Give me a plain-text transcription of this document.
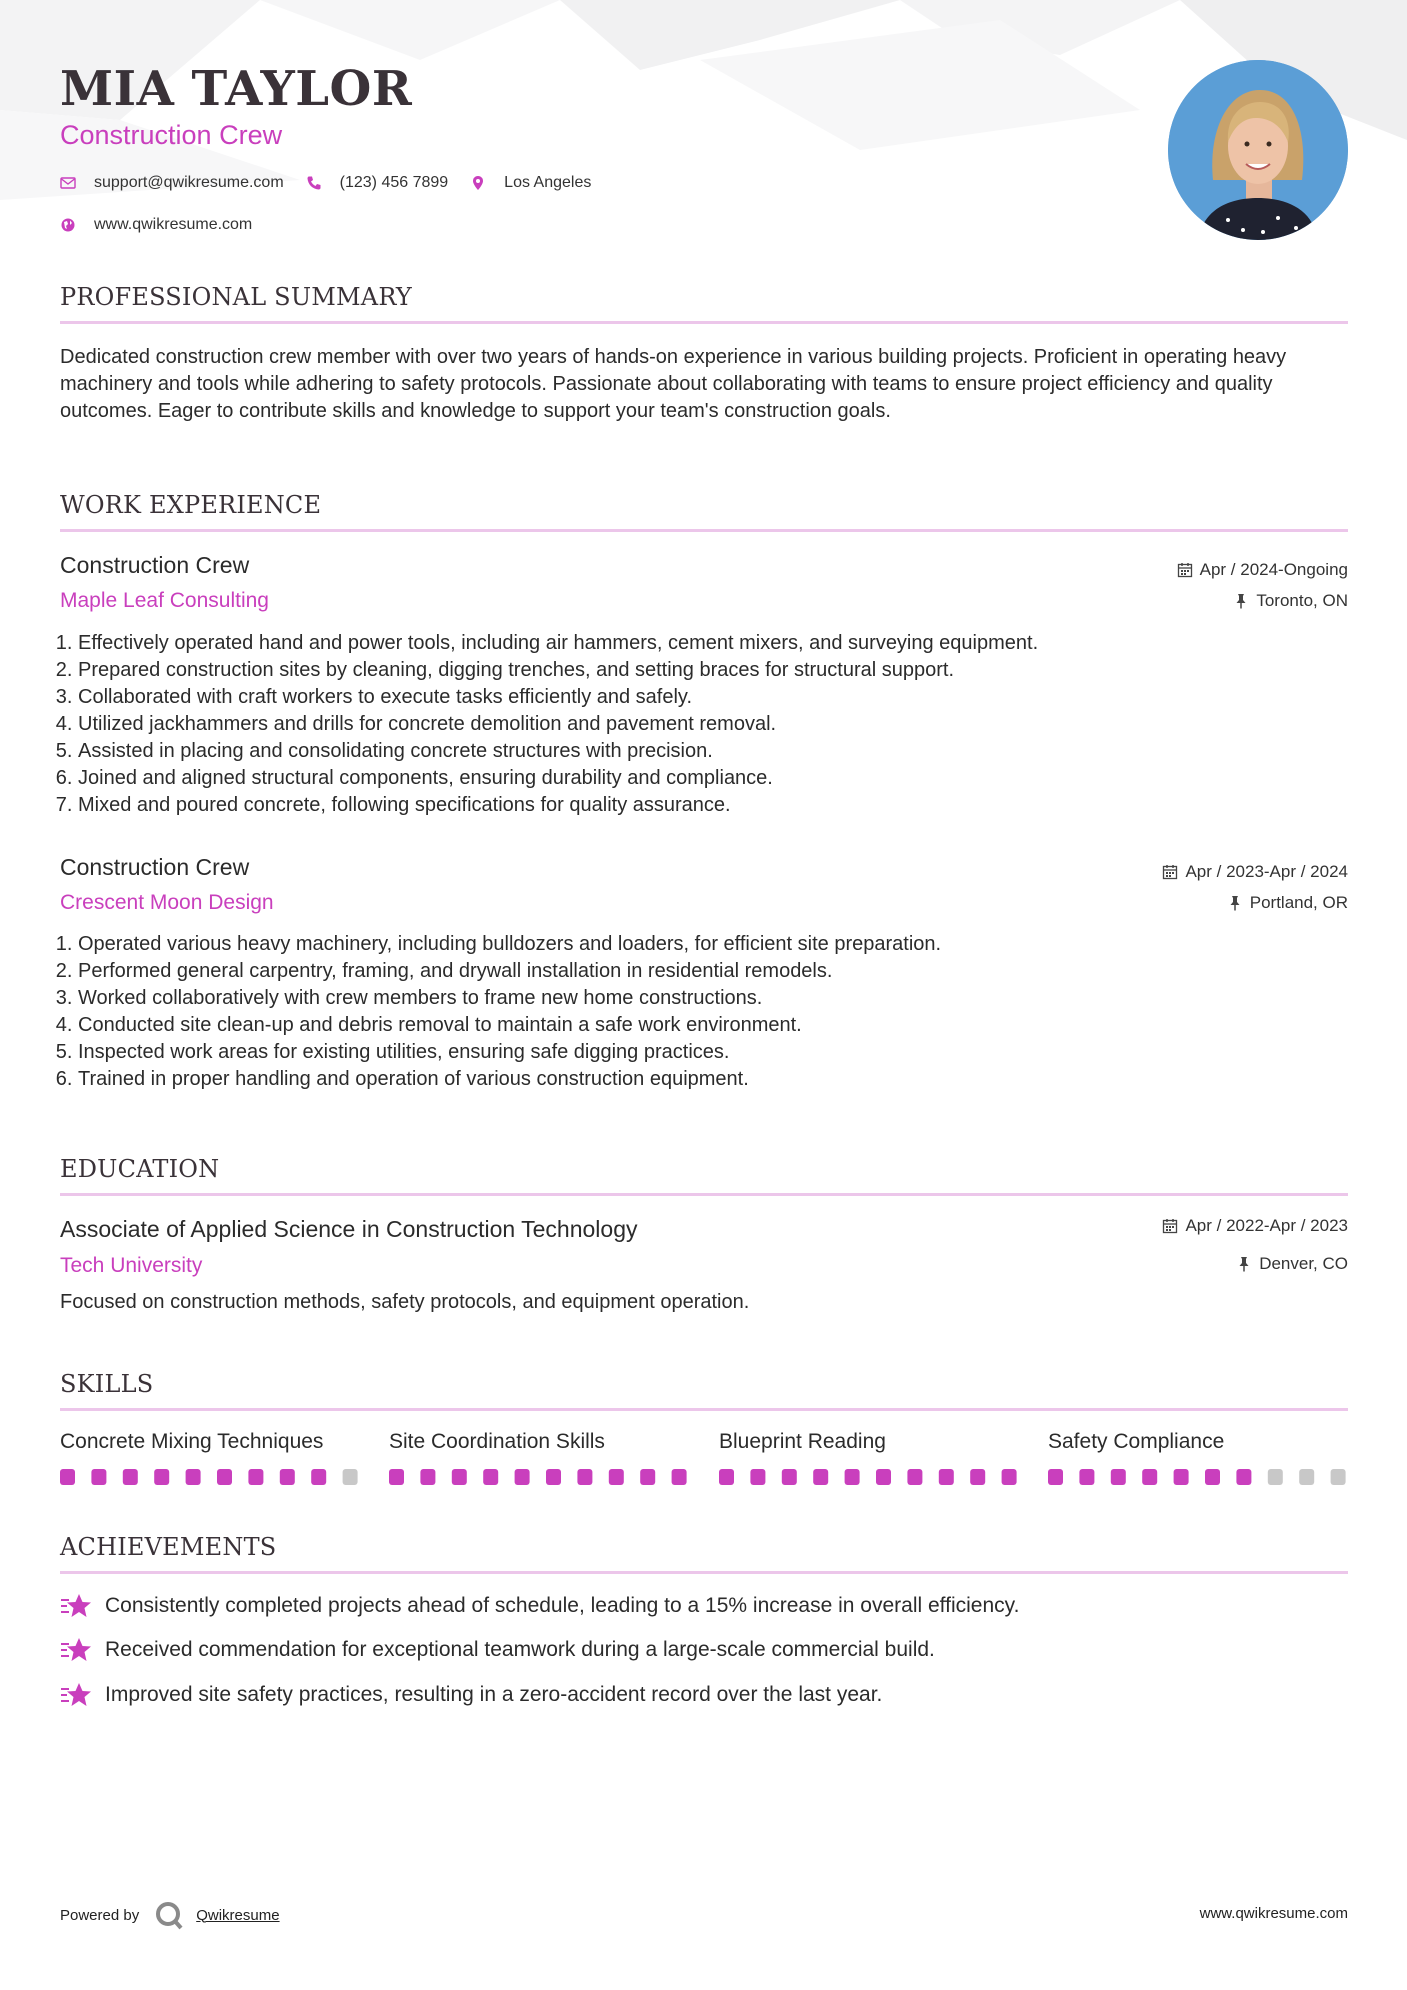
MIA TAYLOR
Construction Crew
support@qwikresume.com	(123) 456 7899	Los Angeles
www.qwikresume.com
PROFESSIONAL SUMMARY
Dedicated construction crew member with over two years of hands-on experience in various building projects. Proficient in operating heavy machinery and tools while adhering to safety protocols. Passionate about collaborating with teams to ensure project efficiency and quality outcomes. Eager to contribute skills and knowledge to support your team's construction goals.
WORK EXPERIENCE
Construction Crew
Maple Leaf Consulting
Apr / 2024-Ongoing
Toronto, ON
1. Effectively operated hand and power tools, including air hammers, cement mixers, and surveying equipment.
2. Prepared construction sites by cleaning, digging trenches, and setting braces for structural support.
3. Collaborated with craft workers to execute tasks efficiently and safely.
4. Utilized jackhammers and drills for concrete demolition and pavement removal.
5. Assisted in placing and consolidating concrete structures with precision.
6. Joined and aligned structural components, ensuring durability and compliance.
7. Mixed and poured concrete, following specifications for quality assurance.
Construction Crew
Crescent Moon Design
Apr / 2023-Apr / 2024
Portland, OR
1. Operated various heavy machinery, including bulldozers and loaders, for efficient site preparation.
2. Performed general carpentry, framing, and drywall installation in residential remodels.
3. Worked collaboratively with crew members to frame new home constructions.
4. Conducted site clean-up and debris removal to maintain a safe work environment.
5. Inspected work areas for existing utilities, ensuring safe digging practices.
6. Trained in proper handling and operation of various construction equipment.
EDUCATION
Associate of Applied Science in Construction Technology
Tech University
Apr / 2022-Apr / 2023
Denver, CO
Focused on construction methods, safety protocols, and equipment operation.
SKILLS
Concrete Mixing Techniques	Site Coordination Skills	Blueprint Reading	Safety Compliance
ACHIEVEMENTS
Consistently completed projects ahead of schedule, leading to a 15% increase in overall efficiency.
Received commendation for exceptional teamwork during a large-scale commercial build.
Improved site safety practices, resulting in a zero-accident record over the last year.
Powered by	Qwikresume	www.qwikresume.com
